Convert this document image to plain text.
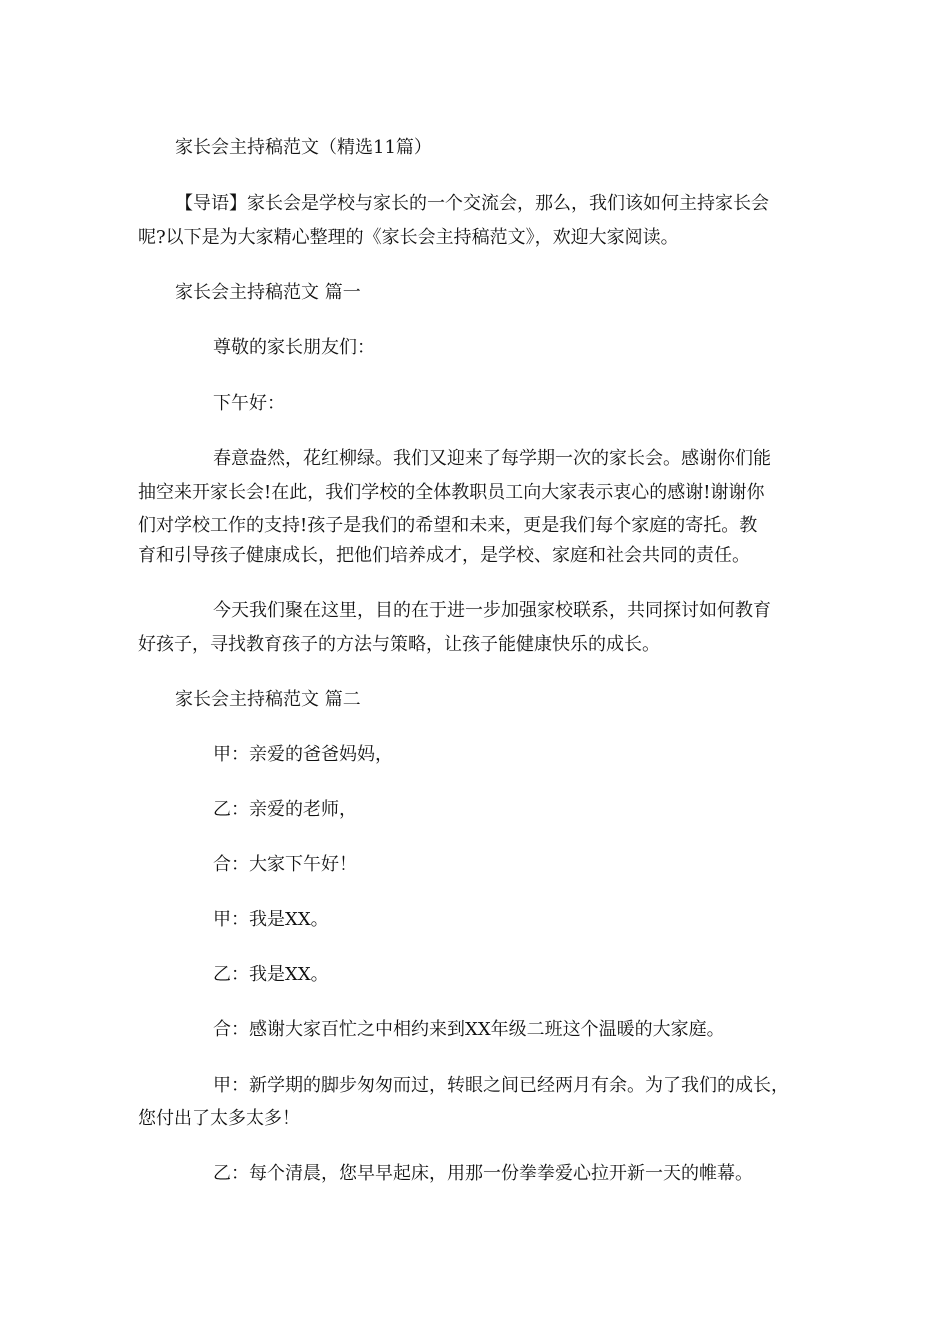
家长会主持稿范文（精选11篇）
【导语】家长会是学校与家长的一个交流会，那么，我们该如何主持家长会
呢?以下是为大家精心整理的《家长会主持稿范文》，欢迎大家阅读。
家长会主持稿范文 篇一
尊敬的家长朋友们：
下午好：
春意盎然，花红柳绿。我们又迎来了每学期一次的家长会。感谢你们能
抽空来开家长会!在此，我们学校的全体教职员工向大家表示衷心的感谢!谢谢你
们对学校工作的支持!孩子是我们的希望和未来，更是我们每个家庭的寄托。教
育和引导孩子健康成长，把他们培养成才，是学校、家庭和社会共同的责任。
今天我们聚在这里，目的在于进一步加强家校联系，共同探讨如何教育
好孩子，寻找教育孩子的方法与策略，让孩子能健康快乐的成长。
家长会主持稿范文 篇二
甲：亲爱的爸爸妈妈，
乙：亲爱的老师，
合：大家下午好！
甲：我是XX。
乙：我是XX。
合：感谢大家百忙之中相约来到XX年级二班这个温暖的大家庭。
甲：新学期的脚步匆匆而过，转眼之间已经两月有余。为了我们的成长，
您付出了太多太多！
乙：每个清晨，您早早起床，用那一份拳拳爱心拉开新一天的帷幕。
